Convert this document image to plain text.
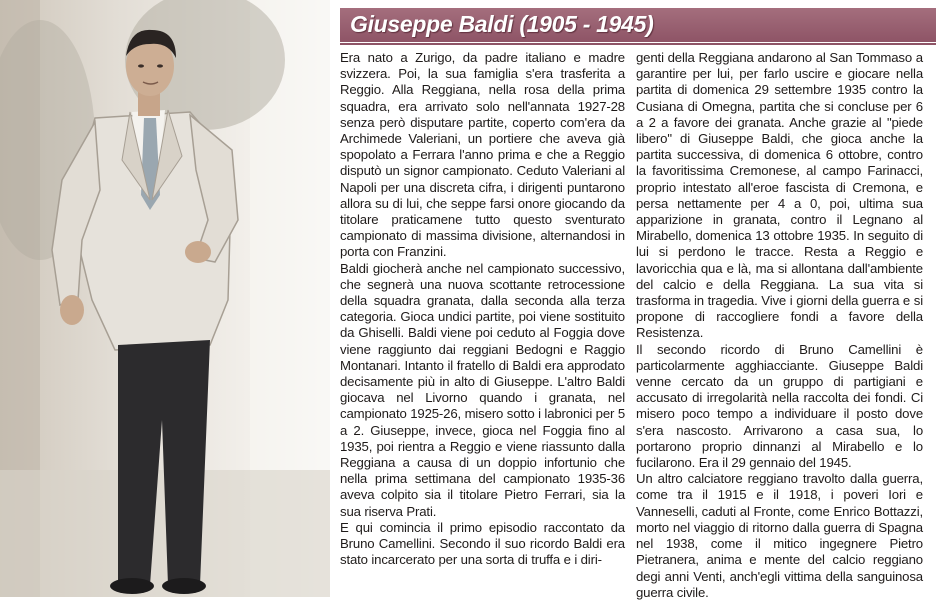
Giuseppe Baldi (1905 - 1945)

Era nato a Zurigo, da padre italiano e madre svizzera. Poi, la sua famiglia s'era trasferita a Reggio. Alla Reggiana, nella rosa della prima squadra, era arrivato solo nell'annata 1927-28 senza però disputare partite, coperto com'era da Archimede Valeriani, un portiere che aveva già spopolato a Ferrara l'anno prima e che a Reggio disputò un signor campionato. Ceduto Valeriani al Napoli per una discreta cifra, i dirigenti puntarono allora su di lui, che seppe farsi onore giocando da titolare praticamene tutto questo sventurato campionato di massima divisione, alternandosi in porta con Franzini.

Baldi giocherà anche nel campionato successivo, che segnerà una nuova scottante retrocessione della squadra granata, dalla seconda alla terza categoria. Gioca undici partite, poi viene sostituito da Ghiselli. Baldi viene poi ceduto al Foggia dove viene raggiunto dai reggiani Bedogni e Raggio Montanari. Intanto il fratello di Baldi era approdato decisamente più in alto di Giuseppe. L'altro Baldi giocava nel Livorno quando i granata, nel campionato 1925-26, misero sotto i labronici per 5 a 2. Giuseppe, invece, gioca nel Foggia fino al 1935, poi rientra a Reggio e viene riassunto dalla Reggiana a causa di un doppio infortunio che nella prima settimana del campionato 1935-36 aveva colpito sia il titolare Pietro Ferrari, sia la sua riserva Prati.

E qui comincia il primo episodio raccontato da Bruno Camellini. Secondo il suo ricordo Baldi era stato incarcerato per una sorta di truffa e i diri-

genti della Reggiana andarono al San Tommaso a garantire per lui, per farlo uscire e giocare nella partita di domenica 29 settembre 1935 contro la Cusiana di Omegna, partita che si concluse per 6 a 2 a favore dei granata. Anche grazie al "piede libero" di Giuseppe Baldi, che gioca anche la partita successiva, di domenica 6 ottobre, contro la favoritissima Cremonese, al campo Farinacci, proprio intestato all'eroe fascista di Cremona, e persa nettamente per 4 a 0, poi, ultima sua apparizione in granata, contro il Legnano al Mirabello, domenica 13 ottobre 1935. In seguito di lui si perdono le tracce. Resta a Reggio e lavoricchia qua e là, ma si allontana dall'ambiente del calcio e della Reggiana. La sua vita si trasforma in tragedia. Vive i giorni della guerra e si propone di raccogliere fondi a favore della Resistenza.

Il secondo ricordo di Bruno Camellini è particolarmente agghiacciante. Giuseppe Baldi venne cercato da un gruppo di partigiani e accusato di irregolarità nella raccolta dei fondi. Ci misero poco tempo a individuare il posto dove s'era nascosto. Arrivarono a casa sua, lo portarono proprio dinnanzi al Mirabello e lo fucilarono. Era il 29 gennaio del 1945.

Un altro calciatore reggiano travolto dalla guerra, come tra il 1915 e il 1918, i poveri Iori e Vanneselli, caduti al Fronte, come Enrico Bottazzi, morto nel viaggio di ritorno dalla guerra di Spagna nel 1938, come il mitico ingegnere Pietro Pietranera, anima e mente del calcio reggiano degi anni Venti, anch'egli vittima della sanguinosa guerra civile.
